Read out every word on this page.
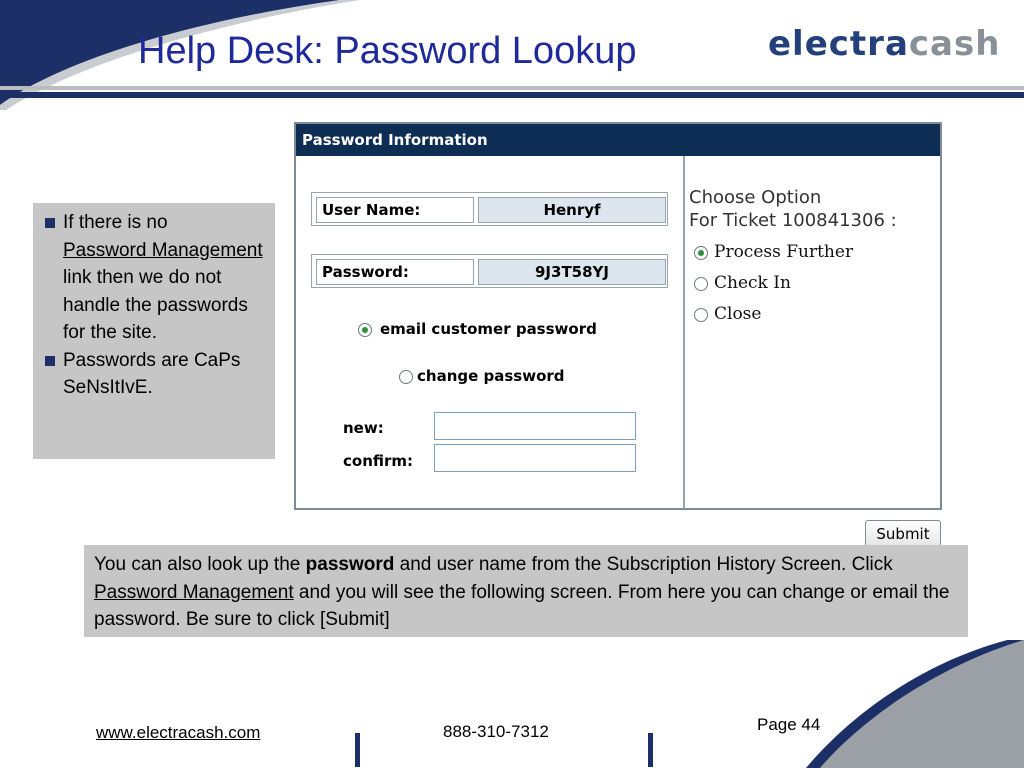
Help Desk: Password Lookup	electracash
If there is no
Password Management link then we do not handle the passwords for the site.
Passwords are CaPs SeNsItIvE.
Password Information
User Name:	Henryf
Password:	9J3T58YJ
email customer password
change password
new:
confirm:
Choose Option
For Ticket 100841306 :
Process Further
Check In
Close
Submit
You can also look up the password and user name from the Subscription History Screen. Click Password Management and you will see the following screen. From here you can change or email the password. Be sure to click [Submit]
www.electracash.com	888-310-7312	Page 44
